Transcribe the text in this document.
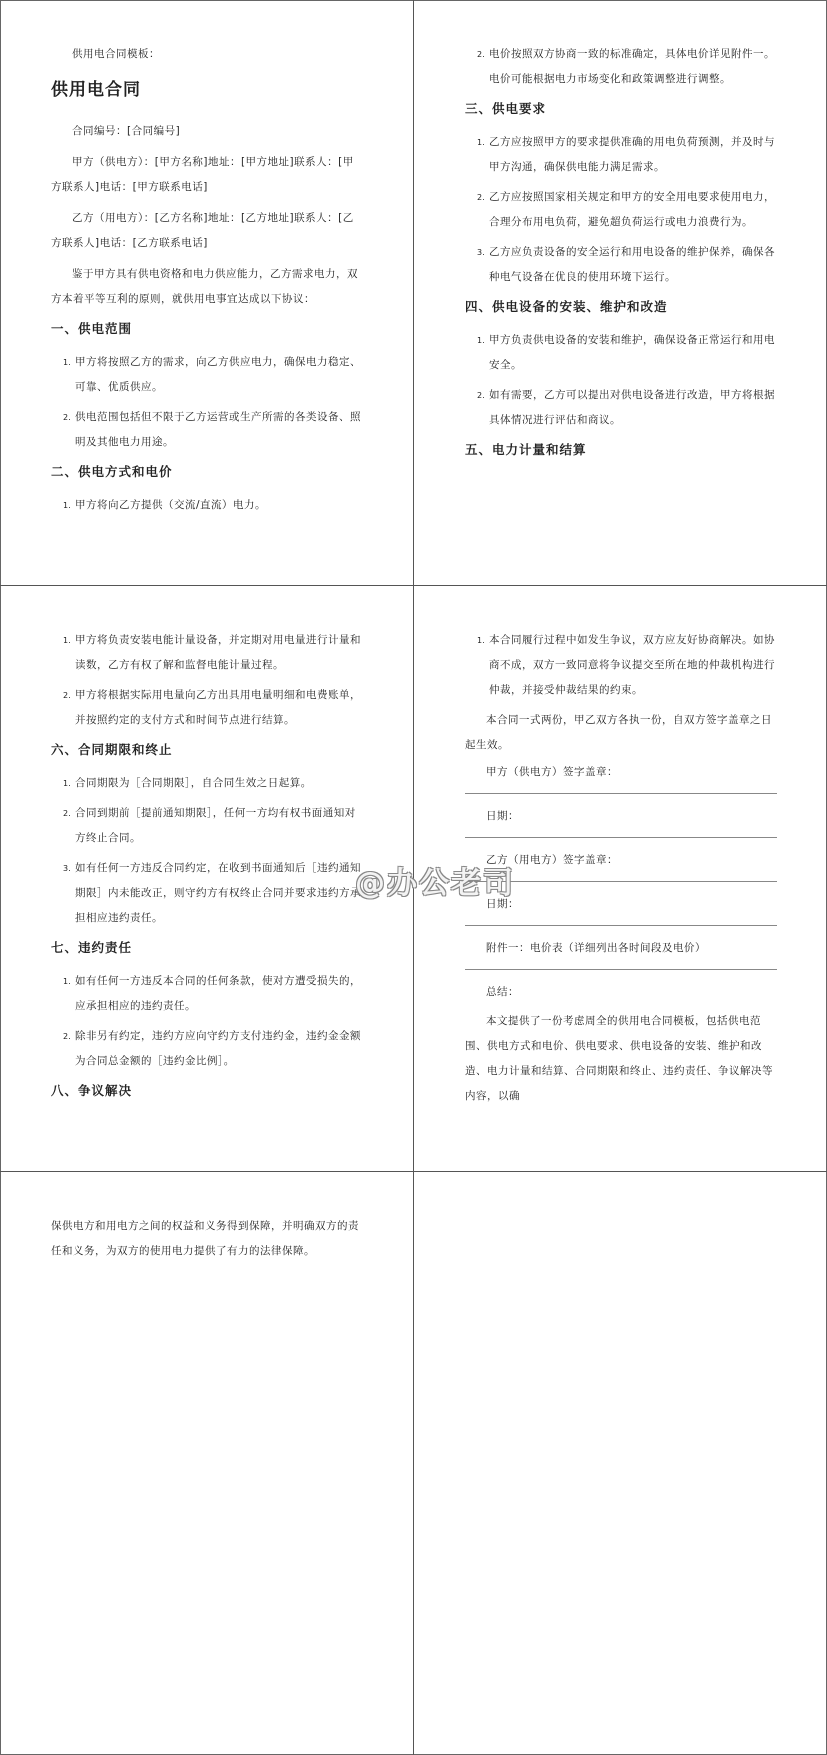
供用电合同模板：

供用电合同

合同编号：[合同编号]

甲方（供电方）：[甲方名称]地址：[甲方地址]联系人：[甲方联系人]电话：[甲方联系电话]

乙方（用电方）：[乙方名称]地址：[乙方地址]联系人：[乙方联系人]电话：[乙方联系电话]

鉴于甲方具有供电资格和电力供应能力，乙方需求电力，双方本着平等互利的原则，就供用电事宜达成以下协议：

一、供电范围
1. 甲方将按照乙方的需求，向乙方供应电力，确保电力稳定、可靠、优质供应。
2. 供电范围包括但不限于乙方运营或生产所需的各类设备、照明及其他电力用途。
二、供电方式和电价
1. 甲方将向乙方提供（交流/直流）电力。
2. 电价按照双方协商一致的标准确定，具体电价详见附件一。电价可能根据电力市场变化和政策调整进行调整。
三、供电要求
1. 乙方应按照甲方的要求提供准确的用电负荷预测，并及时与甲方沟通，确保供电能力满足需求。
2. 乙方应按照国家相关规定和甲方的安全用电要求使用电力，合理分布用电负荷，避免超负荷运行或电力浪费行为。
3. 乙方应负责设备的安全运行和用电设备的维护保养，确保各种电气设备在优良的使用环境下运行。
四、供电设备的安装、维护和改造
1. 甲方负责供电设备的安装和维护，确保设备正常运行和用电安全。
2. 如有需要，乙方可以提出对供电设备进行改造，甲方将根据具体情况进行评估和商议。
五、电力计量和结算
1. 甲方将负责安装电能计量设备，并定期对用电量进行计量和读数，乙方有权了解和监督电能计量过程。
2. 甲方将根据实际用电量向乙方出具用电量明细和电费账单，并按照约定的支付方式和时间节点进行结算。
六、合同期限和终止
1. 合同期限为［合同期限］，自合同生效之日起算。
2. 合同到期前［提前通知期限］，任何一方均有权书面通知对方终止合同。
3. 如有任何一方违反合同约定，在收到书面通知后［违约通知期限］内未能改正，则守约方有权终止合同并要求违约方承担相应违约责任。
七、违约责任
1. 如有任何一方违反本合同的任何条款，使对方遭受损失的，应承担相应的违约责任。
2. 除非另有约定，违约方应向守约方支付违约金，违约金金额为合同总金额的［违约金比例］。
八、争议解决
1. 本合同履行过程中如发生争议，双方应友好协商解决。如协商不成，双方一致同意将争议提交至所在地的仲裁机构进行仲裁，并接受仲裁结果的约束。

本合同一式两份，甲乙双方各执一份，自双方签字盖章之日起生效。

甲方（供电方）签字盖章：
日期：
乙方（用电方）签字盖章：
日期：
附件一：电价表（详细列出各时间段及电价）
总结：

本文提供了一份考虑周全的供用电合同模板，包括供电范围、供电方式和电价、供电要求、供电设备的安装、维护和改造、电力计量和结算、合同期限和终止、违约责任、争议解决等内容，以确

保供电方和用电方之间的权益和义务得到保障，并明确双方的责任和义务，为双方的使用电力提供了有力的法律保障。

@办公老司
